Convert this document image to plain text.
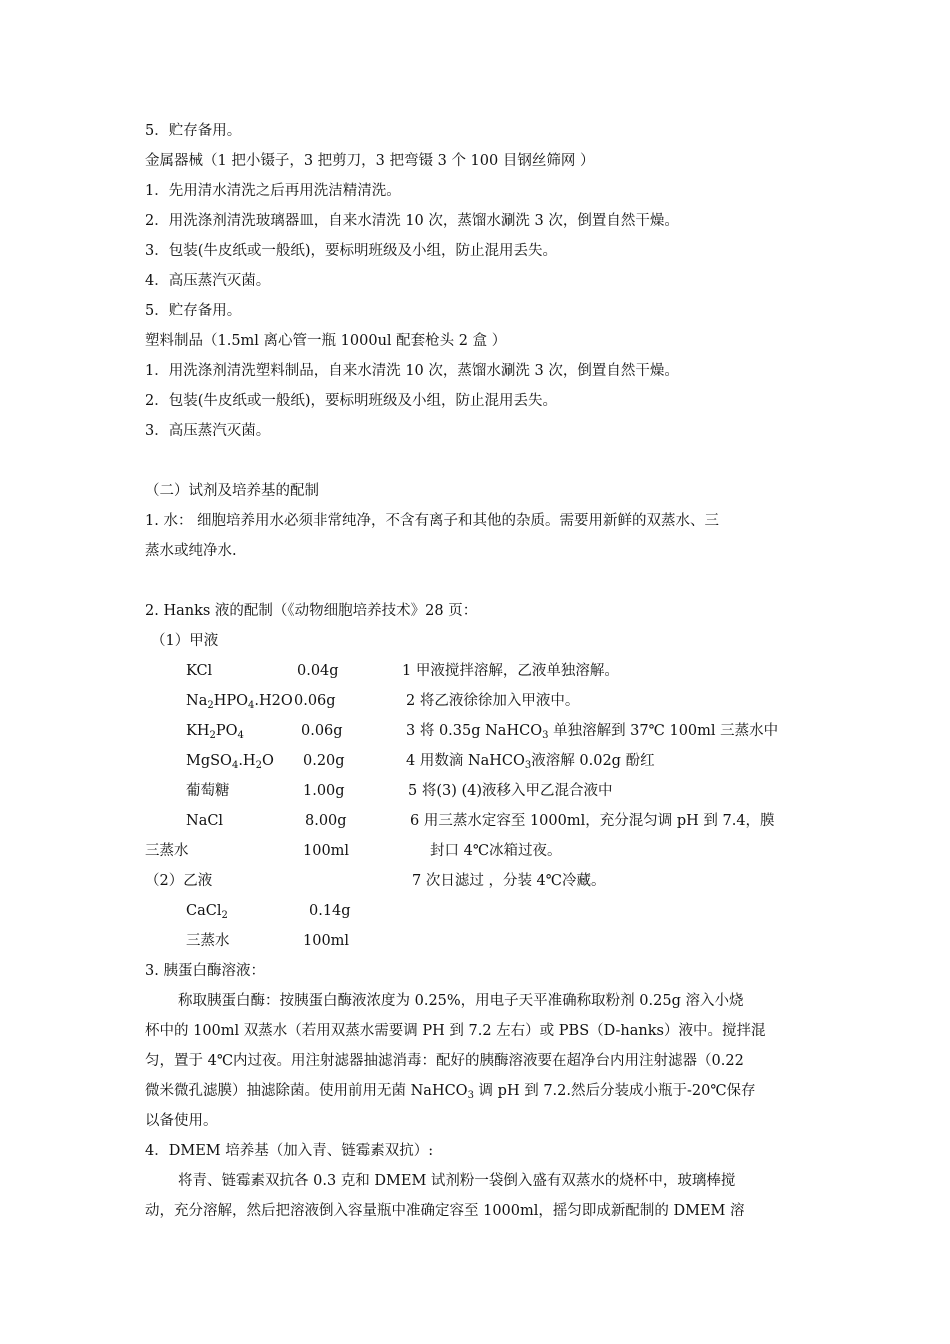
5．贮存备用。
金属器械（1 把小镊子，3 把剪刀，3 把弯镊 3 个 100 目钢丝筛网 ）
1．先用清水清洗之后再用洗洁精清洗。
2．用洗涤剂清洗玻璃器皿，自来水清洗 10 次，蒸馏水涮洗 3 次，倒置自然干燥。
3．包装(牛皮纸或一般纸)，要标明班级及小组，防止混用丢失。
4．高压蒸汽灭菌。
5．贮存备用。
塑料制品（1.5ml 离心管一瓶 1000ul 配套枪头 2 盒 ）
1．用洗涤剂清洗塑料制品，自来水清洗 10 次，蒸馏水涮洗 3 次，倒置自然干燥。
2．包装(牛皮纸或一般纸)，要标明班级及小组，防止混用丢失。
3．高压蒸汽灭菌。
（二）试剂及培养基的配制
1. 水： 细胞培养用水必须非常纯净，不含有离子和其他的杂质。需要用新鲜的双蒸水、三
蒸水或纯净水.
2. Hanks 液的配制（《动物细胞培养技术》28 页：
（1）甲液
KCl	0.04g	1 甲液搅拌溶解，乙液单独溶解。
$Na_2HPO_4.H2O$ 0.06g	2 将乙液徐徐加入甲液中。
$KH_2PO_4$	0.06g	3 将 0.35g NaHCO$_3$ 单独溶解到 37℃ 100ml 三蒸水中
$MgSO_4.H_2O$ 0.20g	4 用数滴 NaHCO$_3$液溶解 0.02g 酚红
葡萄糖	1.00g	5 将(3) (4)液移入甲乙混合液中
NaCl	8.00g	6 用三蒸水定容至 1000ml，充分混匀调 pH 到 7.4，膜
三蒸水	100ml	封口 4℃冰箱过夜。
（2）乙液	7 次日滤过 ，分装 4℃冷藏。
CaCl$_2$	0.14g
三蒸水	100ml
3. 胰蛋白酶溶液：
称取胰蛋白酶：按胰蛋白酶液浓度为 0.25%，用电子天平准确称取粉剂 0.25g 溶入小烧
杯中的 100ml 双蒸水（若用双蒸水需要调 PH 到 7.2 左右）或 PBS（D-hanks）液中。搅拌混
匀，置于 4℃内过夜。用注射滤器抽滤消毒：配好的胰酶溶液要在超净台内用注射滤器（0.22
微米微孔滤膜）抽滤除菌。使用前用无菌 NaHCO$_3$ 调 pH 到 7.2.然后分装成小瓶于-20℃保存
以备使用。
4．DMEM 培养基（加入青、链霉素双抗）:
将青、链霉素双抗各 0.3 克和 DMEM 试剂粉一袋倒入盛有双蒸水的烧杯中，玻璃棒搅
动，充分溶解，然后把溶液倒入容量瓶中准确定容至 1000ml，摇匀即成新配制的 DMEM 溶
